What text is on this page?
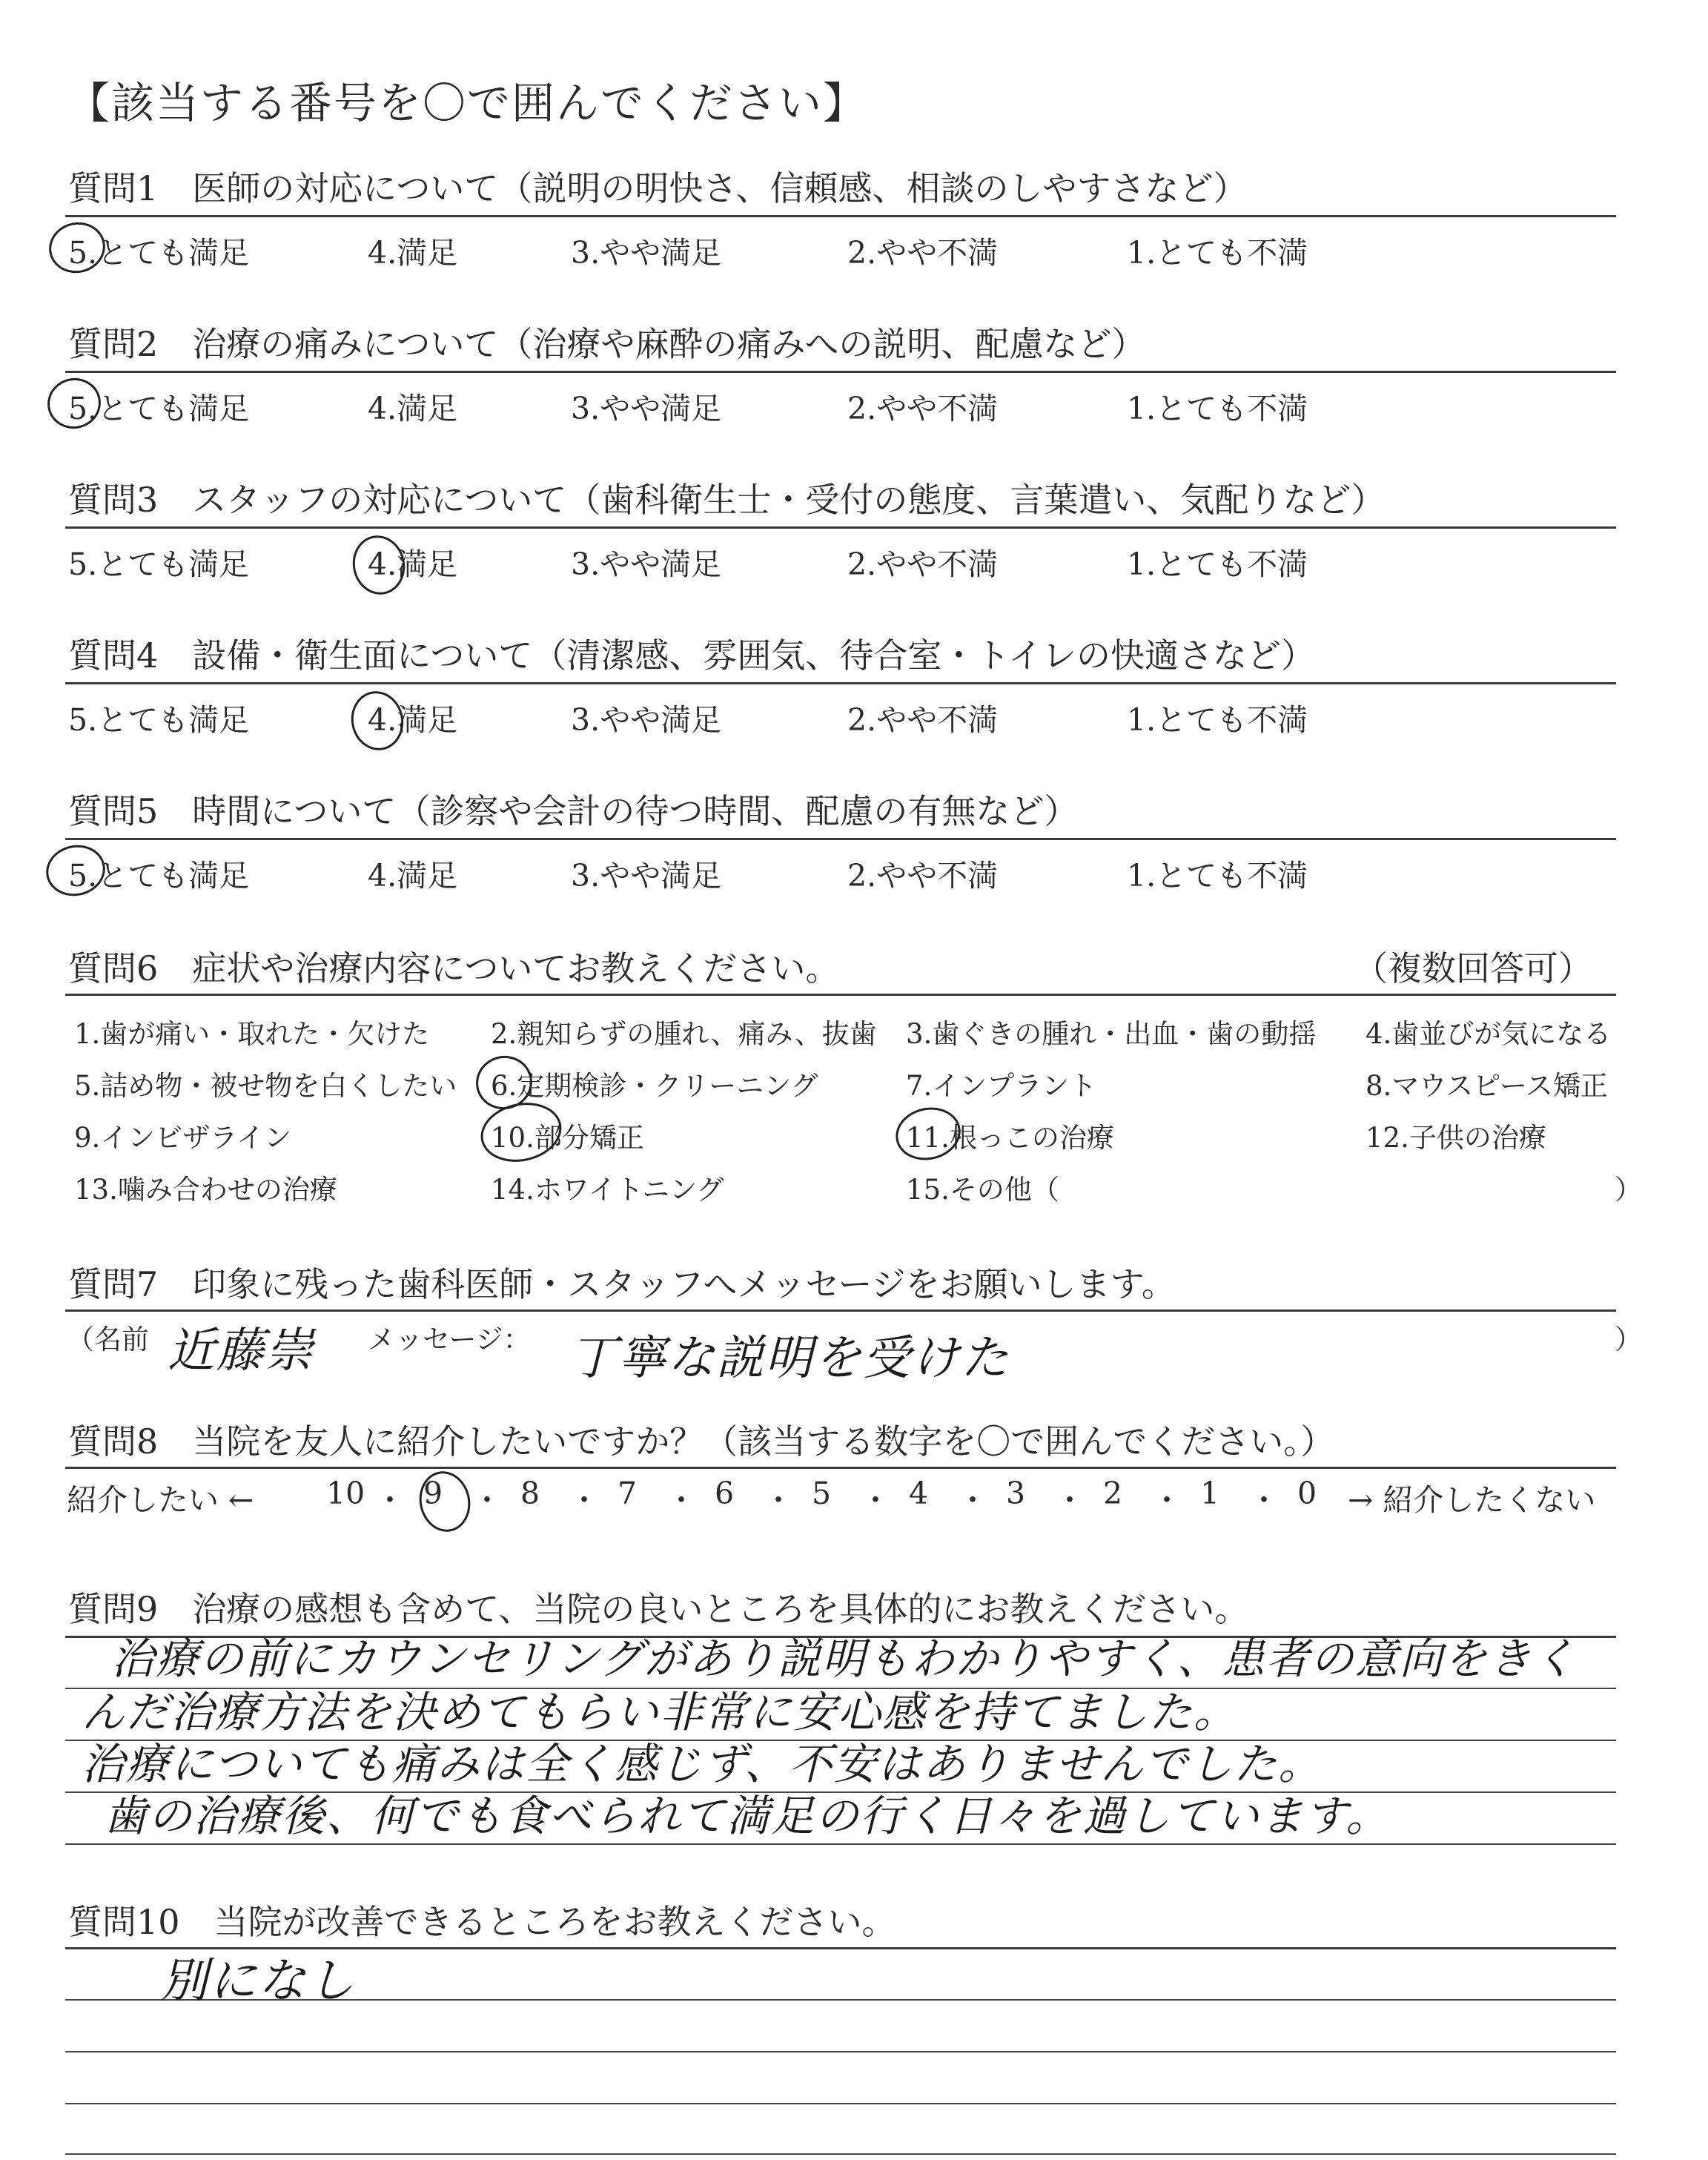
【該当する番号を〇で囲んでください】
質問1　医師の対応について（説明の明快さ、信頼感、相談のしやすさなど）
5.とても満足	4.満足	3.やや満足	2.やや不満	1.とても不満
質問2　治療の痛みについて（治療や麻酔の痛みへの説明、配慮など）
5.とても満足	4.満足	3.やや満足	2.やや不満	1.とても不満
質問3　スタッフの対応について（歯科衛生士・受付の態度、言葉遣い、気配りなど）
5.とても満足	4.満足	3.やや満足	2.やや不満	1.とても不満
質問4　設備・衛生面について（清潔感、雰囲気、待合室・トイレの快適さなど）
5.とても満足	4.満足	3.やや満足	2.やや不満	1.とても不満
質問5　時間について（診察や会計の待つ時間、配慮の有無など）
5.とても満足	4.満足	3.やや満足	2.やや不満	1.とても不満
質問6　症状や治療内容についてお教えください。	（複数回答可）
1.歯が痛い・取れた・欠けた 2.親知らずの腫れ、痛み、抜歯 3.歯ぐきの腫れ・出血・歯の動揺 4.歯並びが気になる
5.詰め物・被せ物を白くしたい 6.定期検診・クリーニング	7.インプラント	8.マウスピース矯正
9.インビザライン	10.部分矯正	11.根っこの治療	12.子供の治療
13.噛み合わせの治療	14.ホワイトニング	15.その他（	）
質問7　印象に残った歯科医師・スタッフへメッセージをお願いします。
（名前 近藤崇 メッセージ： 丁寧な説明を受けた	）
質問8　当院を友人に紹介したいですか？（該当する数字を〇で囲んでください。）
紹介したい ← 10 ・ 9 ・ 8 ・ 7 ・ 6 ・ 5 ・ 4 ・ 3 ・ 2 ・ 1 ・ 0 → 紹介したくない
質問9　治療の感想も含めて、当院の良いところを具体的にお教えください。
治療の前にカウンセリングがあり説明もわかりやすく、患者の意向をきく
んだ治療方法を決めてもらい非常に安心感を持てました。
治療についても痛みは全く感じず、不安はありませんでした。
歯の治療後、何でも食べられて満足の行く日々を過しています。
質問10　当院が改善できるところをお教えください。
別になし
